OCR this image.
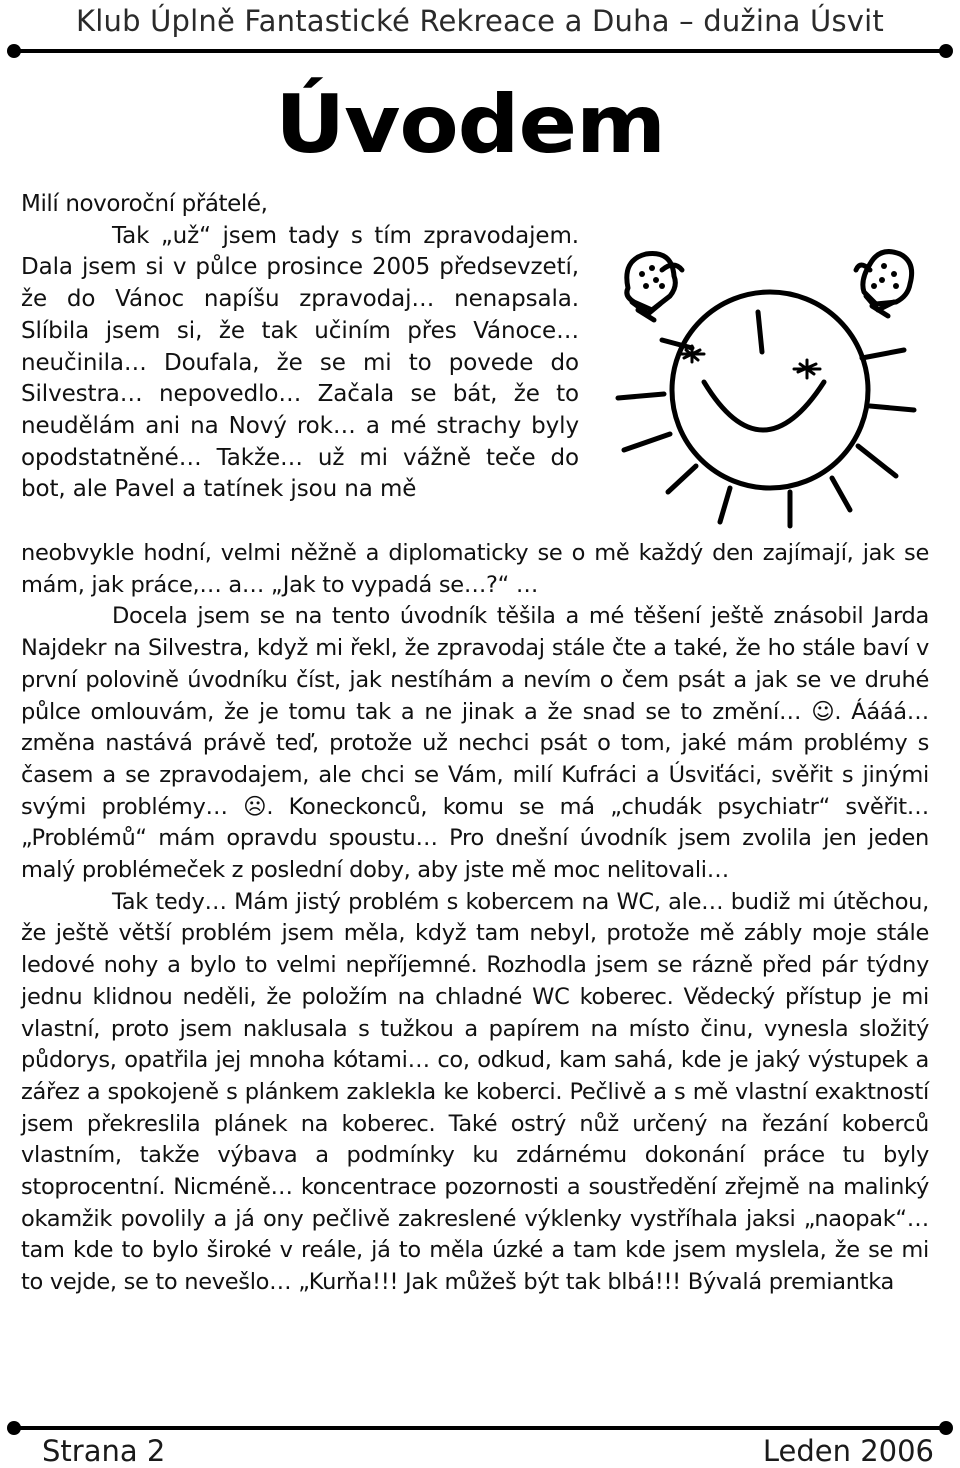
Klub Úplně Fantastické Rekreace a Duha – dužina Úsvit
Úvodem

Milí novoroční přátelé,

Tak „už“ jsem tady s tím zpravodajem. Dala jsem si v půlce prosince 2005 předsevzetí, že do Vánoc napíšu zpravodaj… nenapsala. Slíbila jsem si, že tak učiním přes Vánoce… neučinila… Doufala, že se mi to povede do Silvestra… nepovedlo… Začala se bát, že to neudělám ani na Nový rok… a mé strachy byly opodstatněné… Takže… už mi vážně teče do bot, ale Pavel a tatínek jsou na mě

neobvykle hodní, velmi něžně a diplomaticky se o mě každý den zajímají, jak se mám, jak práce,… a… „Jak to vypadá se…?“ …

Docela jsem se na tento úvodník těšila a mé těšení ještě znásobil Jarda Najdekr na Silvestra, když mi řekl, že zpravodaj stále čte a také, že ho stále baví v první polovině úvodníku číst, jak nestíhám a nevím o čem psát a jak se ve druhé půlce omlouvám, že je tomu tak a ne jinak a že snad se to změní… ☺. Áááá… změna nastává právě teď, protože už nechci psát o tom, jaké mám problémy s časem a se zpravodajem, ale chci se Vám, milí Kufráci a Úsviťáci, svěřit s jinými svými problémy… ☹. Koneckonců, komu se má „chudák psychiatr“ svěřit… „Problémů“ mám opravdu spoustu… Pro dnešní úvodník jsem zvolila jen jeden malý problémeček z poslední doby, aby jste mě moc nelitovali…

Tak tedy… Mám jistý problém s kobercem na WC, ale… budiž mi útěchou, že ještě větší problém jsem měla, když tam nebyl, protože mě zábly moje stále ledové nohy a bylo to velmi nepříjemné. Rozhodla jsem se rázně před pár týdny jednu klidnou neděli, že položím na chladné WC koberec. Vědecký přístup je mi vlastní, proto jsem naklusala s tužkou a papírem na místo činu, vynesla složitý půdorys, opatřila jej mnoha kótami… co, odkud, kam sahá, kde je jaký výstupek a zářez a spokojeně s plánkem zaklekla ke koberci. Pečlivě a s mě vlastní exaktností jsem překreslila plánek na koberec. Také ostrý nůž určený na řezání koberců vlastním, takže výbava a podmínky ku zdárnému dokonání práce tu byly stoprocentní. Nicméně… koncentrace pozornosti a soustředění zřejmě na malinký okamžik povolily a já ony pečlivě zakreslené výklenky vystříhala jaksi „naopak“… tam kde to bylo široké v reále, já to měla úzké a tam kde jsem myslela, že se mi to vejde, se to nevešlo… „Kurňa!!! Jak můžeš být tak blbá!!! Bývalá premiantka

Strana 2	Leden 2006
